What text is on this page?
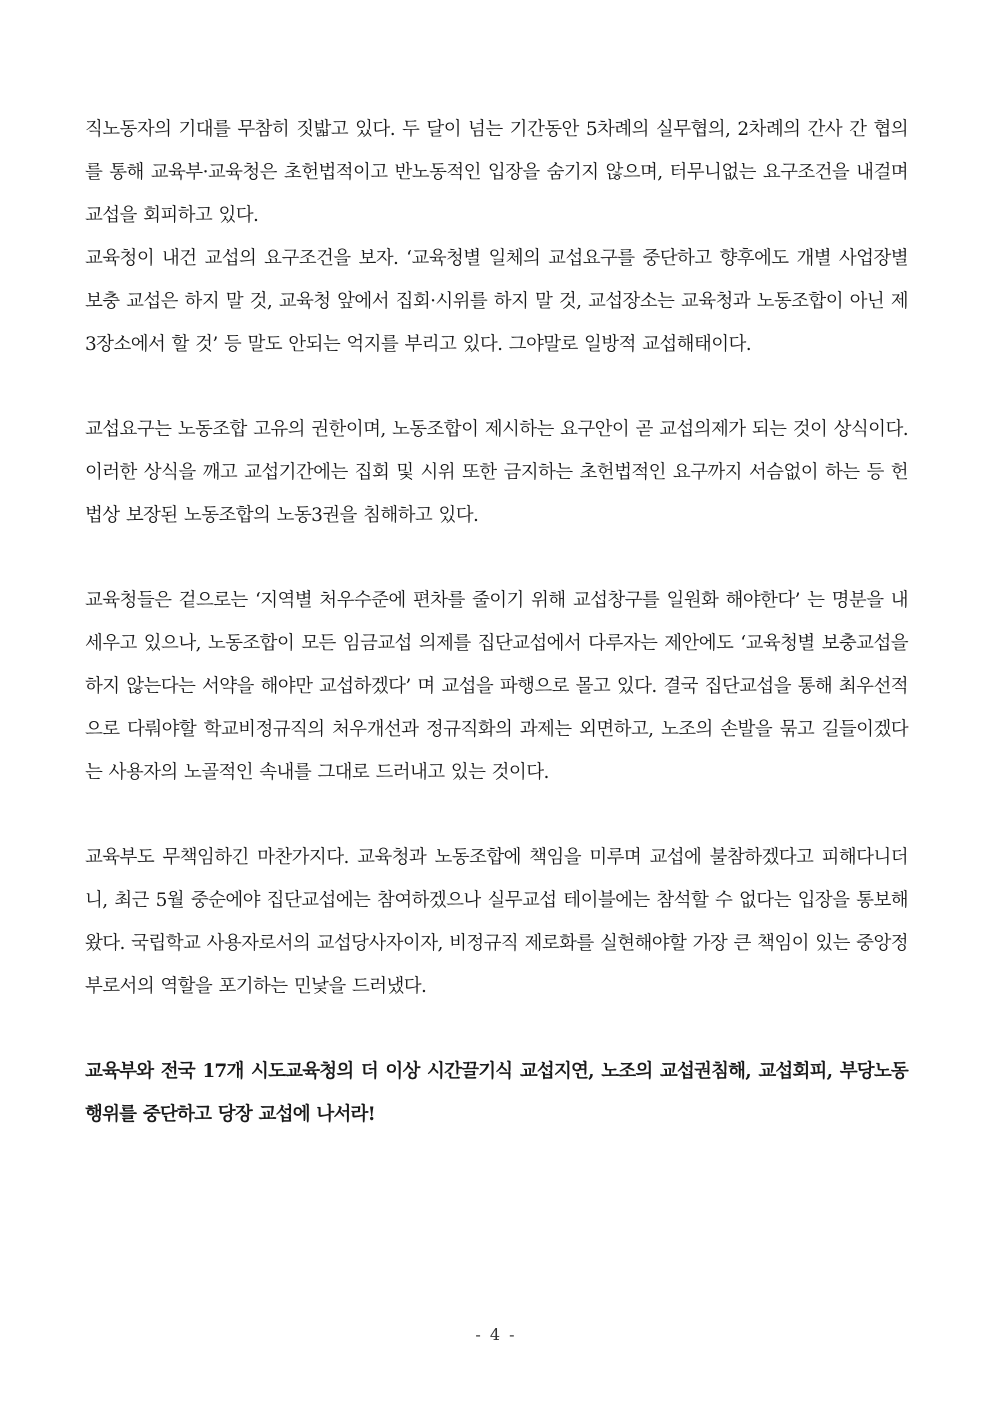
직노동자의 기대를 무참히 짓밟고 있다. 두 달이 넘는 기간동안 5차례의 실무협의, 2차례의 간사 간 협의를 통해 교육부·교육청은 초헌법적이고 반노동적인 입장을 숨기지 않으며, 터무니없는 요구조건을 내걸며 교섭을 회피하고 있다.

교육청이 내건 교섭의 요구조건을 보자. ‘교육청별 일체의 교섭요구를 중단하고 향후에도 개별 사업장별 보충 교섭은 하지 말 것, 교육청 앞에서 집회·시위를 하지 말 것, 교섭장소는 교육청과 노동조합이 아닌 제3장소에서 할 것’ 등 말도 안되는 억지를 부리고 있다. 그야말로 일방적 교섭해태이다.

교섭요구는 노동조합 고유의 권한이며, 노동조합이 제시하는 요구안이 곧 교섭의제가 되는 것이 상식이다. 이러한 상식을 깨고 교섭기간에는 집회 및 시위 또한 금지하는 초헌법적인 요구까지 서슴없이 하는 등 헌법상 보장된 노동조합의 노동3권을 침해하고 있다.

교육청들은 겉으로는 ‘지역별 처우수준에 편차를 줄이기 위해 교섭창구를 일원화 해야한다’ 는 명분을 내세우고 있으나, 노동조합이 모든 임금교섭 의제를 집단교섭에서 다루자는 제안에도 ‘교육청별 보충교섭을 하지 않는다는 서약을 해야만 교섭하겠다’ 며 교섭을 파행으로 몰고 있다. 결국 집단교섭을 통해 최우선적으로 다뤄야할 학교비정규직의 처우개선과 정규직화의 과제는 외면하고, 노조의 손발을 묶고 길들이겠다는 사용자의 노골적인 속내를 그대로 드러내고 있는 것이다.

교육부도 무책임하긴 마찬가지다. 교육청과 노동조합에 책임을 미루며 교섭에 불참하겠다고 피해다니더니, 최근 5월 중순에야 집단교섭에는 참여하겠으나 실무교섭 테이블에는 참석할 수 없다는 입장을 통보해왔다. 국립학교 사용자로서의 교섭당사자이자, 비정규직 제로화를 실현해야할 가장 큰 책임이 있는 중앙정부로서의 역할을 포기하는 민낯을 드러냈다.

교육부와 전국 17개 시도교육청의 더 이상 시간끌기식 교섭지연, 노조의 교섭권침해, 교섭회피, 부당노동행위를 중단하고 당장 교섭에 나서라!

- 4 -
